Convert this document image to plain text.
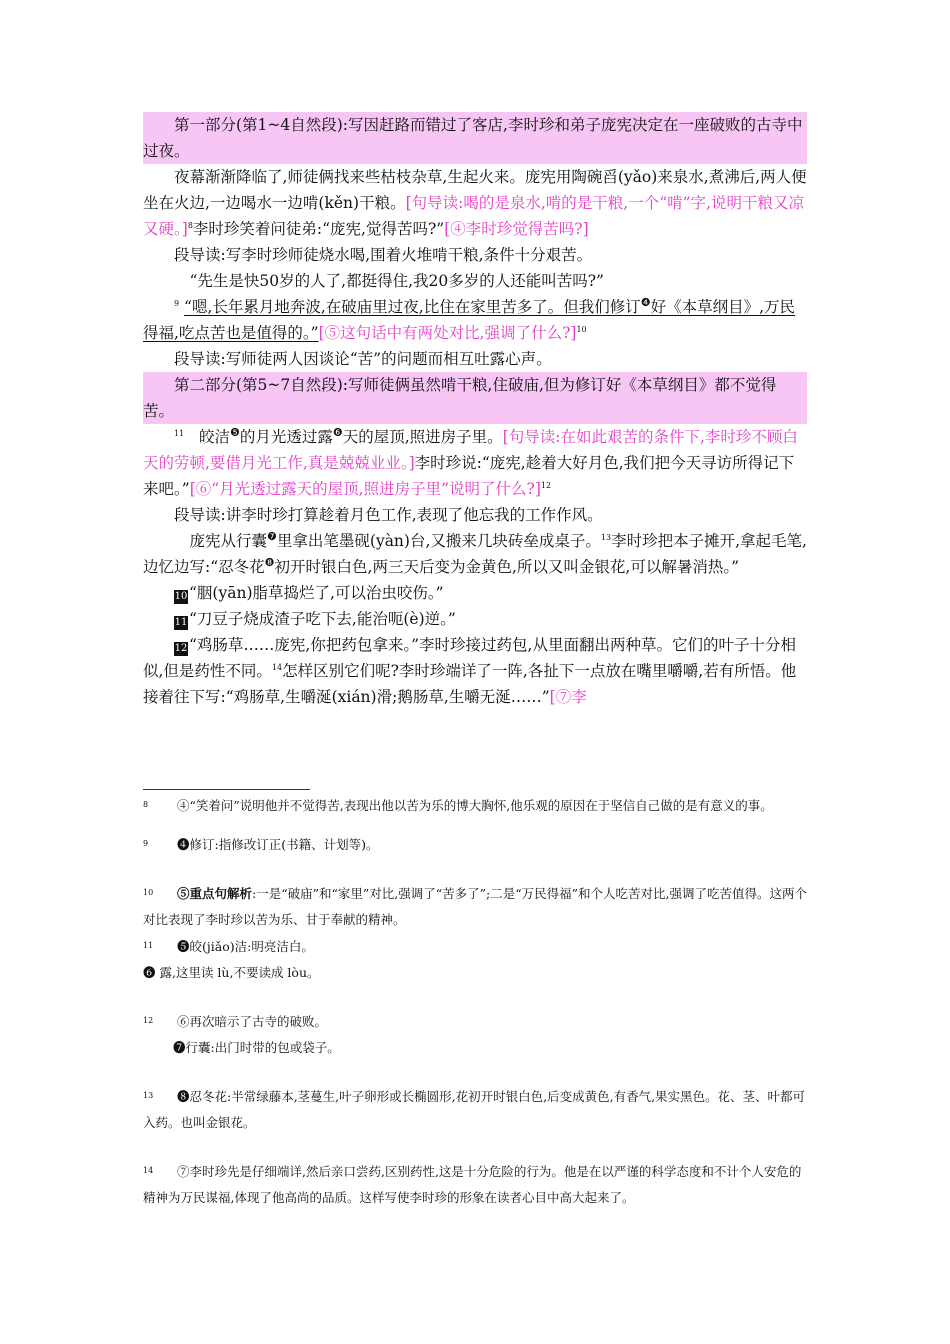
第一部分(第1~4自然段):写因赶路而错过了客店,李时珍和弟子庞宪决定在一座破败的古寺中过夜。

夜幕渐渐降临了,师徒俩找来些枯枝杂草,生起火来。庞宪用陶碗舀(yǎo)来泉水,煮沸后,两人便坐在火边,一边喝水一边啃(kěn)干粮。[句导读:喝的是泉水,啃的是干粮,一个“啃”字,说明干粮又凉又硬。]$^8$李时珍笑着问徒弟:“庞宪,觉得苦吗?”[④李时珍觉得苦吗?]

段导读:写李时珍师徒烧水喝,围着火堆啃干粮,条件十分艰苦。

“先生是快50岁的人了,都挺得住,我20多岁的人还能叫苦吗?”

$^9$ “嗯,长年累月地奔波,在破庙里过夜,比住在家里苦多了。但我们修订$^❹$好《本草纲目》,万民得福,吃点苦也是值得的。”[⑤这句话中有两处对比,强调了什么?]$^{10}$

段导读:写师徒两人因谈论“苦”的问题而相互吐露心声。

第二部分(第5~7自然段):写师徒俩虽然啃干粮,住破庙,但为修订好《本草纲目》都不觉得苦。

$^{11}$ 皎洁$^❺$的月光透过露$^❻$天的屋顶,照进房子里。[句导读:在如此艰苦的条件下,李时珍不顾白天的劳顿,要借月光工作,真是兢兢业业。]李时珍说:“庞宪,趁着大好月色,我们把今天寻访所得记下来吧。”[⑥“月光透过露天的屋顶,照进房子里”说明了什么?]$^{12}$

段导读:讲李时珍打算趁着月色工作,表现了他忘我的工作作风。

庞宪从行囊$^❼$里拿出笔墨砚(yàn)台,又搬来几块砖垒成桌子。$^{13}$李时珍把本子摊开,拿起毛笔,边忆边写:“忍冬花$^❽$初开时银白色,两三天后变为金黄色,所以又叫金银花,可以解暑消热。”

10 “胭(yān)脂草捣烂了,可以治虫咬伤。”

11 “刀豆子烧成渣子吃下去,能治呃(è)逆。”

12 “鸡肠草……庞宪,你把药包拿来。”李时珍接过药包,从里面翻出两种草。它们的叶子十分相似,但是药性不同。$^{14}$怎样区别它们呢?李时珍端详了一阵,各扯下一点放在嘴里嚼嚼,若有所悟。他接着往下写:“鸡肠草,生嚼涎(xián)滑;鹅肠草,生嚼无涎……”[⑦李

8 ④“笑着问”说明他并不觉得苦,表现出他以苦为乐的博大胸怀,他乐观的原因在于坚信自己做的是有意义的事。

9 ❹修订:指修改订正(书籍、计划等)。

10 ⑤重点句解析:一是“破庙”和“家里”对比,强调了“苦多了”;二是“万民得福”和个人吃苦对比,强调了吃苦值得。这两个对比表现了李时珍以苦为乐、甘于奉献的精神。

11 ❺皎(jiǎo)洁:明亮洁白。

❻ 露,这里读 lù,不要读成 lòu。

12 ⑥再次暗示了古寺的破败。

❼行囊:出门时带的包或袋子。

13 ❽忍冬花:半常绿藤本,茎蔓生,叶子卵形或长椭圆形,花初开时银白色,后变成黄色,有香气,果实黑色。花、茎、叶都可入药。也叫金银花。

14 ⑦李时珍先是仔细端详,然后亲口尝药,区别药性,这是十分危险的行为。他是在以严谨的科学态度和不计个人安危的精神为万民谋福,体现了他高尚的品质。这样写使李时珍的形象在读者心目中高大起来了。
